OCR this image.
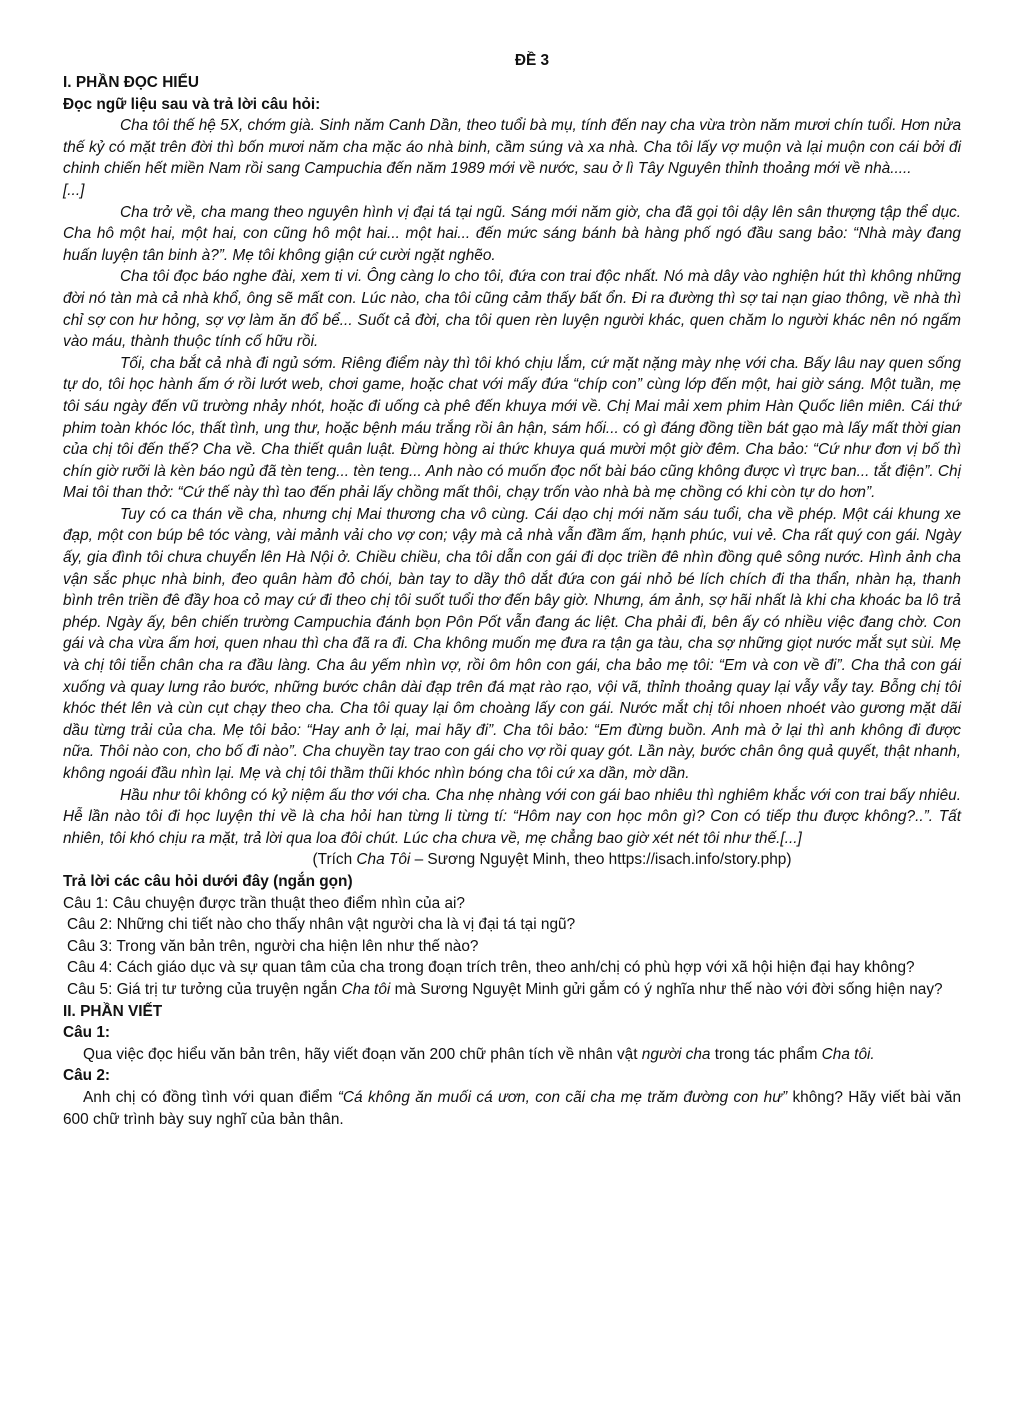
ĐỀ 3

I. PHẦN ĐỌC HIỂU

Đọc ngữ liệu sau và trả lời câu hỏi:

Cha tôi thế hệ 5X, chớm già. Sinh năm Canh Dần, theo tuổi bà mụ, tính đến nay cha vừa tròn năm mươi chín tuổi. Hơn nửa thế kỷ có mặt trên đời thì bốn mươi năm cha mặc áo nhà binh, cầm súng và xa nhà. Cha tôi lấy vợ muộn và lại muộn con cái bởi đi chinh chiến hết miền Nam rồi sang Campuchia đến năm 1989 mới về nước, sau ở lì Tây Nguyên thỉnh thoảng mới về nhà.....

[...]

Cha trở về, cha mang theo nguyên hình vị đại tá tại ngũ. Sáng mới năm giờ, cha đã gọi tôi dậy lên sân thượng tập thể dục. Cha hô một hai, một hai, con cũng hô một hai... một hai... đến mức sáng bánh bà hàng phố ngó đầu sang bảo: “Nhà mày đang huấn luyện tân binh à?”. Mẹ tôi không giận cứ cười ngặt nghẽo.

Cha tôi đọc báo nghe đài, xem ti vi. Ông càng lo cho tôi, đứa con trai độc nhất. Nó mà dây vào nghiện hút thì không những đời nó tàn mà cả nhà khổ, ông sẽ mất con. Lúc nào, cha tôi cũng cảm thấy bất ổn. Đi ra đường thì sợ tai nạn giao thông, về nhà thì chỉ sợ con hư hỏng, sợ vợ làm ăn đổ bể... Suốt cả đời, cha tôi quen rèn luyện người khác, quen chăm lo người khác nên nó ngấm vào máu, thành thuộc tính cố hữu rồi.

Tối, cha bắt cả nhà đi ngủ sớm. Riêng điểm này thì tôi khó chịu lắm, cứ mặt nặng mày nhẹ với cha. Bấy lâu nay quen sống tự do, tôi học hành ấm ớ rồi lướt web, chơi game, hoặc chat với mấy đứa “chíp con” cùng lớp đến một, hai giờ sáng. Một tuần, mẹ tôi sáu ngày đến vũ trường nhảy nhót, hoặc đi uống cà phê đến khuya mới về. Chị Mai mải xem phim Hàn Quốc liên miên. Cái thứ phim toàn khóc lóc, thất tình, ung thư, hoặc bệnh máu trắng rồi ân hận, sám hối... có gì đáng đồng tiền bát gạo mà lấy mất thời gian của chị tôi đến thế? Cha về. Cha thiết quân luật. Đừng hòng ai thức khuya quá mười một giờ đêm. Cha bảo: “Cứ như đơn vị bố thì chín giờ rưỡi là kèn báo ngủ đã tèn teng... tèn teng... Anh nào có muốn đọc nốt bài báo cũng không được vì trực ban... tắt điện”. Chị Mai tôi than thở: “Cứ thế này thì tao đến phải lấy chồng mất thôi, chạy trốn vào nhà bà mẹ chồng có khi còn tự do hơn”.

Tuy có ca thán về cha, nhưng chị Mai thương cha vô cùng. Cái dạo chị mới năm sáu tuổi, cha về phép. Một cái khung xe đạp, một con búp bê tóc vàng, vài mảnh vải cho vợ con; vậy mà cả nhà vẫn đầm ấm, hạnh phúc, vui vẻ. Cha rất quý con gái. Ngày ấy, gia đình tôi chưa chuyển lên Hà Nội ở. Chiều chiều, cha tôi dẫn con gái đi dọc triền đê nhìn đồng quê sông nước. Hình ảnh cha vận sắc phục nhà binh, đeo quân hàm đỏ chói, bàn tay to dầy thô dắt đứa con gái nhỏ bé lích chích đi tha thẩn, nhàn hạ, thanh bình trên triền đê đầy hoa cỏ may cứ đi theo chị tôi suốt tuổi thơ đến bây giờ. Nhưng, ám ảnh, sợ hãi nhất là khi cha khoác ba lô trả phép. Ngày ấy, bên chiến trường Campuchia đánh bọn Pôn Pốt vẫn đang ác liệt. Cha phải đi, bên ấy có nhiều việc đang chờ. Con gái và cha vừa ấm hơi, quen nhau thì cha đã ra đi. Cha không muốn mẹ đưa ra tận ga tàu, cha sợ những giọt nước mắt sụt sùi. Mẹ và chị tôi tiễn chân cha ra đầu làng. Cha âu yếm nhìn vợ, rồi ôm hôn con gái, cha bảo mẹ tôi: “Em và con về đi”. Cha thả con gái xuống và quay lưng rảo bước, những bước chân dài đạp trên đá mạt rào rạo, vội vã, thỉnh thoảng quay lại vẫy vẫy tay. Bỗng chị tôi khóc thét lên và cùn cụt chạy theo cha. Cha tôi quay lại ôm choàng lấy con gái. Nước mắt chị tôi nhoen nhoét vào gương mặt dãi dầu từng trải của cha. Mẹ tôi bảo: “Hay anh ở lại, mai hãy đi”. Cha tôi bảo: “Em đừng buồn. Anh mà ở lại thì anh không đi được nữa. Thôi nào con, cho bố đi nào”. Cha chuyền tay trao con gái cho vợ rồi quay gót. Lần này, bước chân ông quả quyết, thật nhanh, không ngoái đầu nhìn lại. Mẹ và chị tôi thầm thũi khóc nhìn bóng cha tôi cứ xa dần, mờ dần.

Hầu như tôi không có kỷ niệm ấu thơ với cha. Cha nhẹ nhàng với con gái bao nhiêu thì nghiêm khắc với con trai bấy nhiêu. Hễ lần nào tôi đi học luyện thi về là cha hỏi han từng li từng tí: “Hôm nay con học môn gì? Con có tiếp thu được không?..”. Tất nhiên, tôi khó chịu ra mặt, trả lời qua loa đôi chút. Lúc cha chưa về, mẹ chẳng bao giờ xét nét tôi như thế.[...]

(Trích Cha Tôi – Sương Nguyệt Minh, theo https://isach.info/story.php)

Trả lời các câu hỏi dưới đây (ngắn gọn)

Câu 1: Câu chuyện được trần thuật theo điểm nhìn của ai?

Câu 2: Những chi tiết nào cho thấy nhân vật người cha là vị đại tá tại ngũ?

Câu 3: Trong văn bản trên, người cha hiện lên như thế nào?

Câu 4: Cách giáo dục và sự quan tâm của cha trong đoạn trích trên, theo anh/chị có phù hợp với xã hội hiện đại hay không?

Câu 5: Giá trị tư tưởng của truyện ngắn Cha tôi mà Sương Nguyệt Minh gửi gắm có ý nghĩa như thế nào với đời sống hiện nay?

II. PHẦN VIẾT

Câu 1:

Qua việc đọc hiểu văn bản trên, hãy viết đoạn văn 200 chữ phân tích về nhân vật người cha trong tác phẩm Cha tôi.

Câu 2:

Anh chị có đồng tình với quan điểm “Cá không ăn muối cá ươn, con cãi cha mẹ trăm đường con hư” không? Hãy viết bài văn 600 chữ trình bày suy nghĩ của bản thân.
